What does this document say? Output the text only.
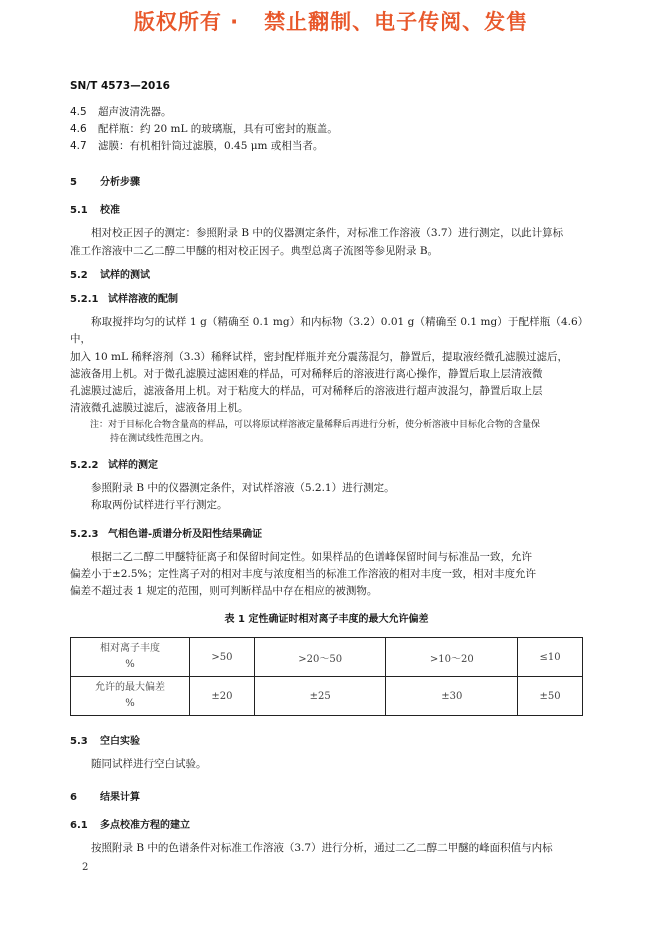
版权所有 ·   禁止翻制、电子传阅、发售
SN/T 4573—2016
4.5 超声波清洗器。
4.6 配样瓶：约 20 mL 的玻璃瓶，具有可密封的瓶盖。
4.7 滤膜：有机相针筒过滤膜，0.45 μm 或相当者。
5 分析步骤
5.1 校准
相对校正因子的测定：参照附录 B 中的仪器测定条件，对标准工作溶液（3.7）进行测定，以此计算标
准工作溶液中二乙二醇二甲醚的相对校正因子。典型总离子流图等参见附录 B。
5.2 试样的测试
5.2.1 试样溶液的配制
称取搅拌均匀的试样 1 g（精确至 0.1 mg）和内标物（3.2）0.01 g（精确至 0.1 mg）于配样瓶（4.6）中，
加入 10 mL 稀释溶剂（3.3）稀释试样，密封配样瓶并充分震荡混匀，静置后，提取液经微孔滤膜过滤后，
滤液备用上机。对于微孔滤膜过滤困难的样品，可对稀释后的溶液进行离心操作，静置后取上层清液微
孔滤膜过滤后，滤液备用上机。对于粘度大的样品，可对稀释后的溶液进行超声波混匀，静置后取上层
清液微孔滤膜过滤后，滤液备用上机。
注：对于目标化合物含量高的样品，可以将原试样溶液定量稀释后再进行分析，使分析溶液中目标化合物的含量保
持在测试线性范围之内。
5.2.2 试样的测定
参照附录 B 中的仪器测定条件，对试样溶液（5.2.1）进行测定。
称取两份试样进行平行测定。
5.2.3 气相色谱-质谱分析及阳性结果确证
根据二乙二醇二甲醚特征离子和保留时间定性。如果样品的色谱峰保留时间与标准品一致，允许
偏差小于±2.5%；定性离子对的相对丰度与浓度相当的标准工作溶液的相对丰度一致，相对丰度允许
偏差不超过表 1 规定的范围，则可判断样品中存在相应的被测物。
表 1 定性确证时相对离子丰度的最大允许偏差
相对离子丰度
%	>50	>20～50	>10～20	≤10

允许的最大偏差
%	±20	±25	±30	±50
5.3 空白实验
随同试样进行空白试验。
6 结果计算
6.1 多点校准方程的建立
按照附录 B 中的色谱条件对标准工作溶液（3.7）进行分析，通过二乙二醇二甲醚的峰面积值与内标
2
